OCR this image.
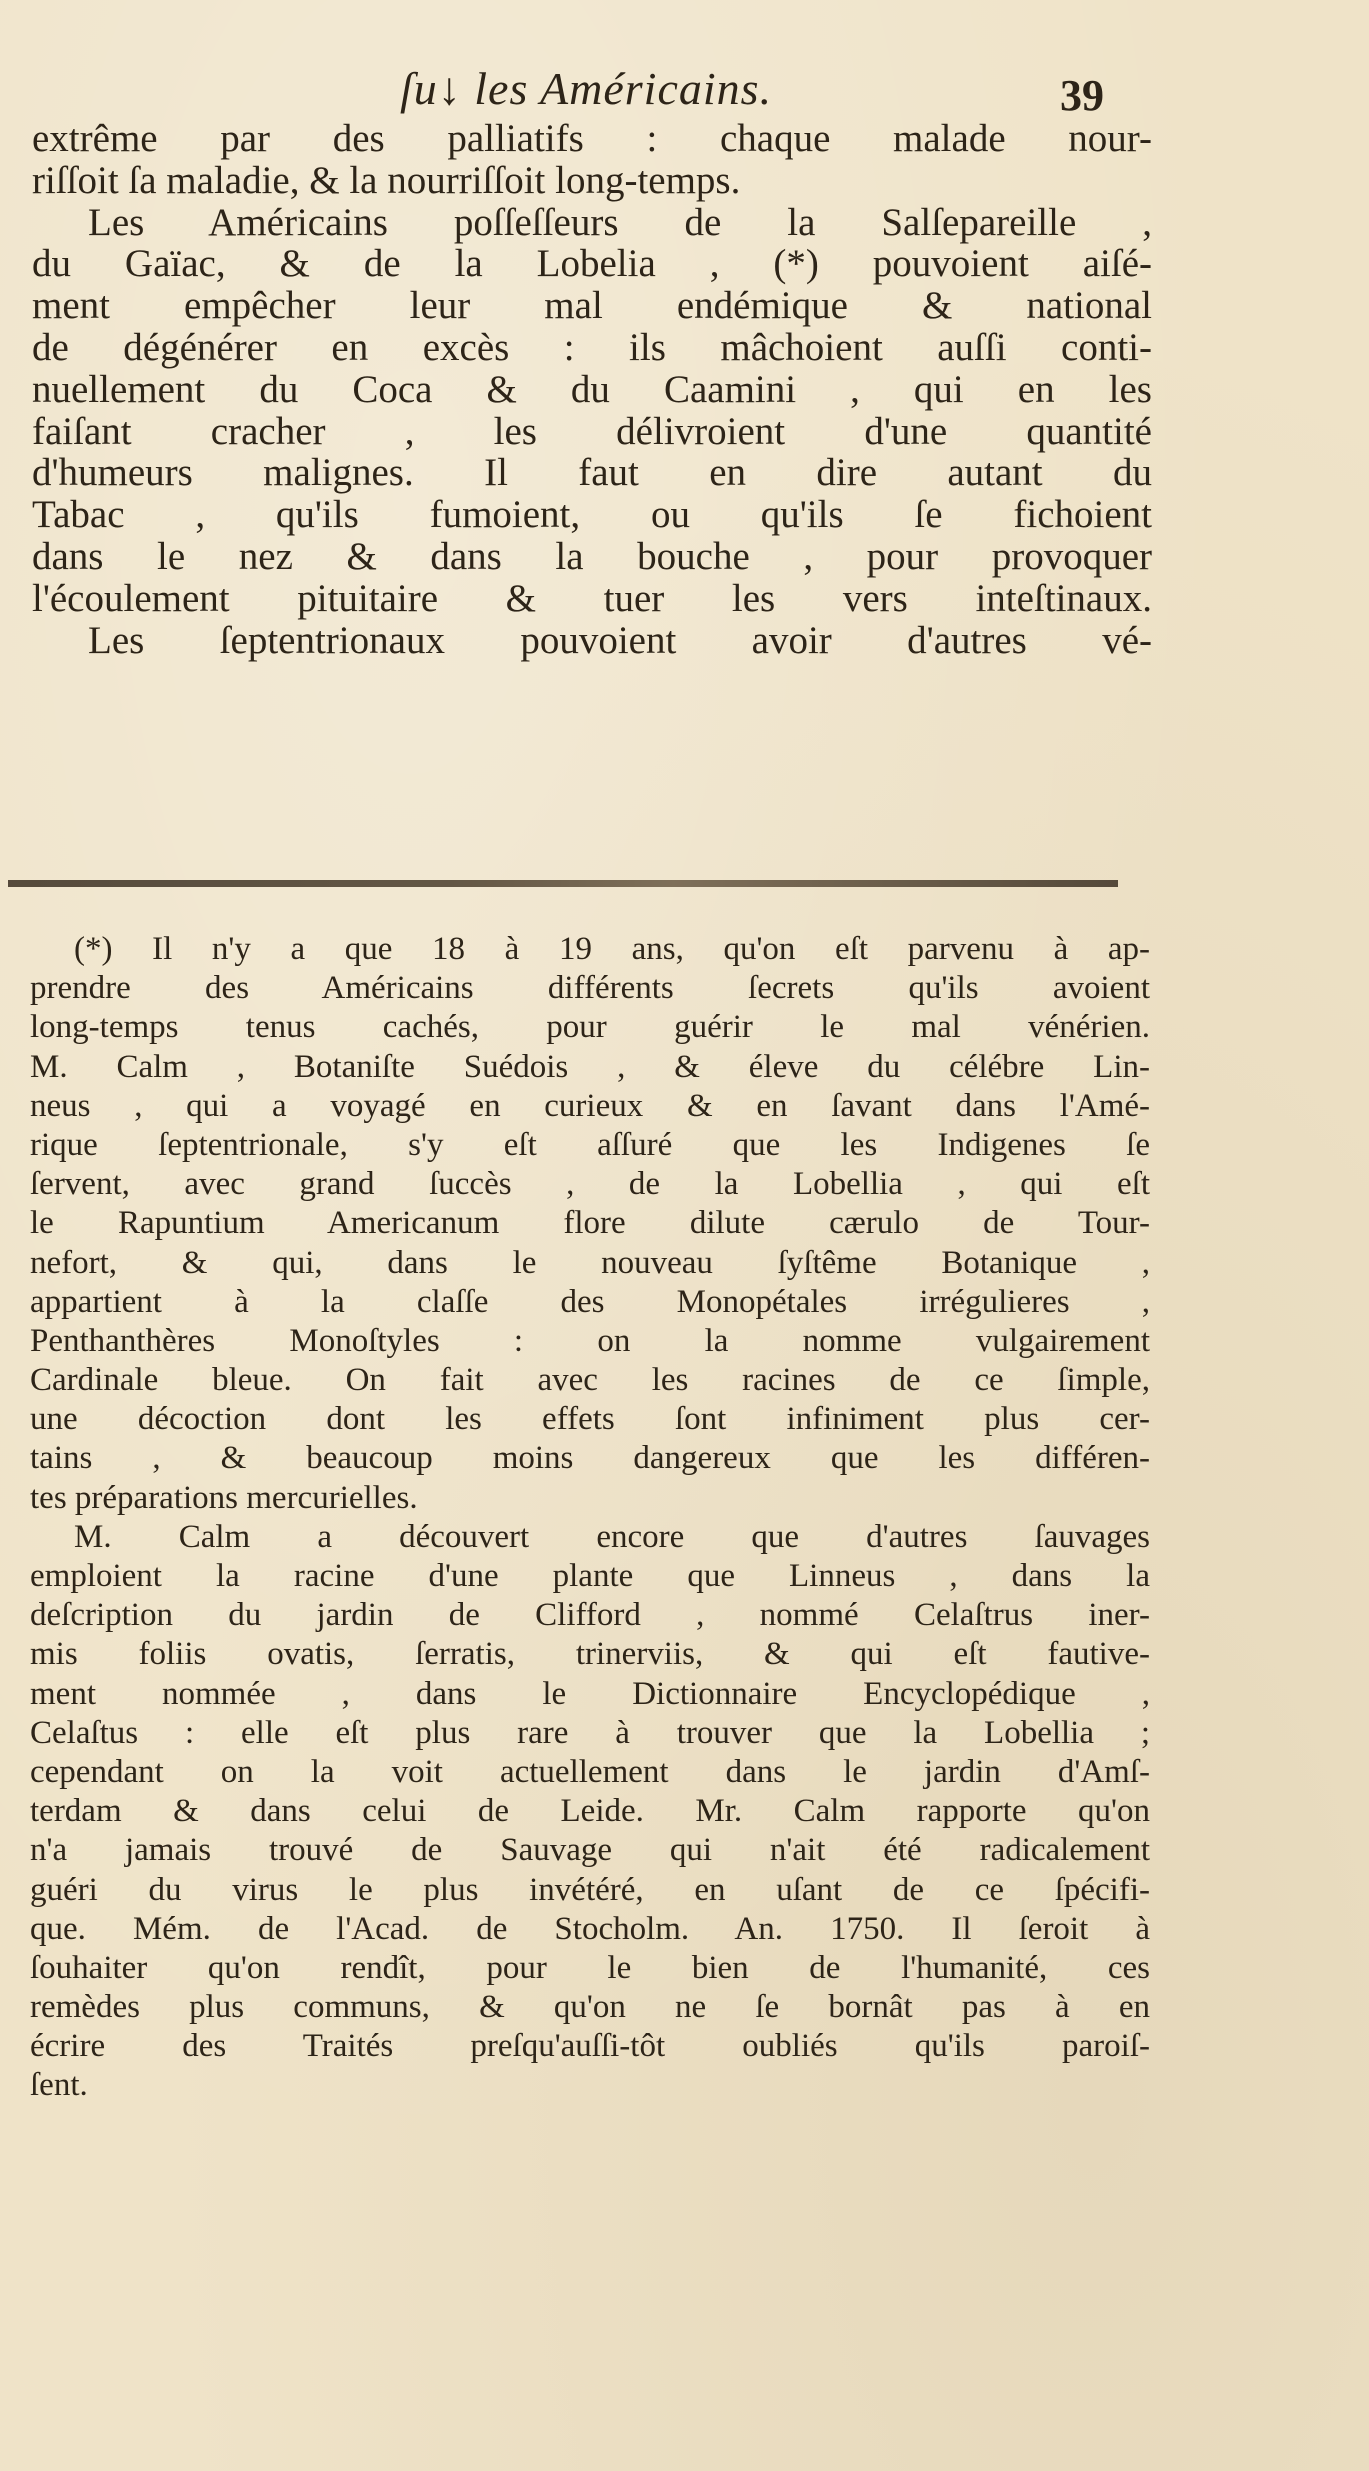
ſu↓ les Américains.	39
extrême par des palliatifs : chaque malade nour-
riſſoit ſa maladie, & la nourriſſoit long-temps.
Les Américains poſſeſſeurs de la Salſepareille ,
du Gaïac, & de la Lobelia , (*) pouvoient aiſé-
ment empêcher leur mal endémique & national
de dégénérer en excès : ils mâchoient auſſi conti-
nuellement du Coca & du Caamini , qui en les
faiſant cracher , les délivroient d'une quantité
d'humeurs malignes. Il faut en dire autant du
Tabac , qu'ils fumoient, ou qu'ils ſe fichoient
dans le nez & dans la bouche , pour provoquer
l'écoulement pituitaire & tuer les vers inteſtinaux.
Les ſeptentrionaux pouvoient avoir d'autres vé-
(*) Il n'y a que 18 à 19 ans, qu'on eſt parvenu à ap-
prendre des Américains différents ſecrets qu'ils avoient
long-temps tenus cachés, pour guérir le mal vénérien.
M. Calm , Botaniſte Suédois , & éleve du célébre Lin-
neus , qui a voyagé en curieux & en ſavant dans l'Amé-
rique ſeptentrionale, s'y eſt aſſuré que les Indigenes ſe
ſervent, avec grand ſuccès , de la Lobellia , qui eſt
le Rapuntium Americanum flore dilute cærulo de Tour-
nefort, & qui, dans le nouveau ſyſtême Botanique ,
appartient à la claſſe des Monopétales irrégulieres ,
Penthanthères Monoſtyles : on la nomme vulgairement
Cardinale bleue. On fait avec les racines de ce ſimple,
une décoction dont les effets ſont infiniment plus cer-
tains , & beaucoup moins dangereux que les différen-
tes préparations mercurielles.
M. Calm a découvert encore que d'autres ſauvages
emploient la racine d'une plante que Linneus , dans la
deſcription du jardin de Clifford , nommé Celaſtrus iner-
mis foliis ovatis, ſerratis, trinerviis, & qui eſt fautive-
ment nommée , dans le Dictionnaire Encyclopédique ,
Celaſtus : elle eſt plus rare à trouver que la Lobellia ;
cependant on la voit actuellement dans le jardin d'Amſ-
terdam & dans celui de Leide. Mr. Calm rapporte qu'on
n'a jamais trouvé de Sauvage qui n'ait été radicalement
guéri du virus le plus invétéré, en uſant de ce ſpécifi-
que. Mém. de l'Acad. de Stocholm. An. 1750. Il ſeroit à
ſouhaiter qu'on rendît, pour le bien de l'humanité, ces
remèdes plus communs, & qu'on ne ſe bornât pas à en
écrire des Traités preſqu'auſſi-tôt oubliés qu'ils paroiſ-
ſent.
